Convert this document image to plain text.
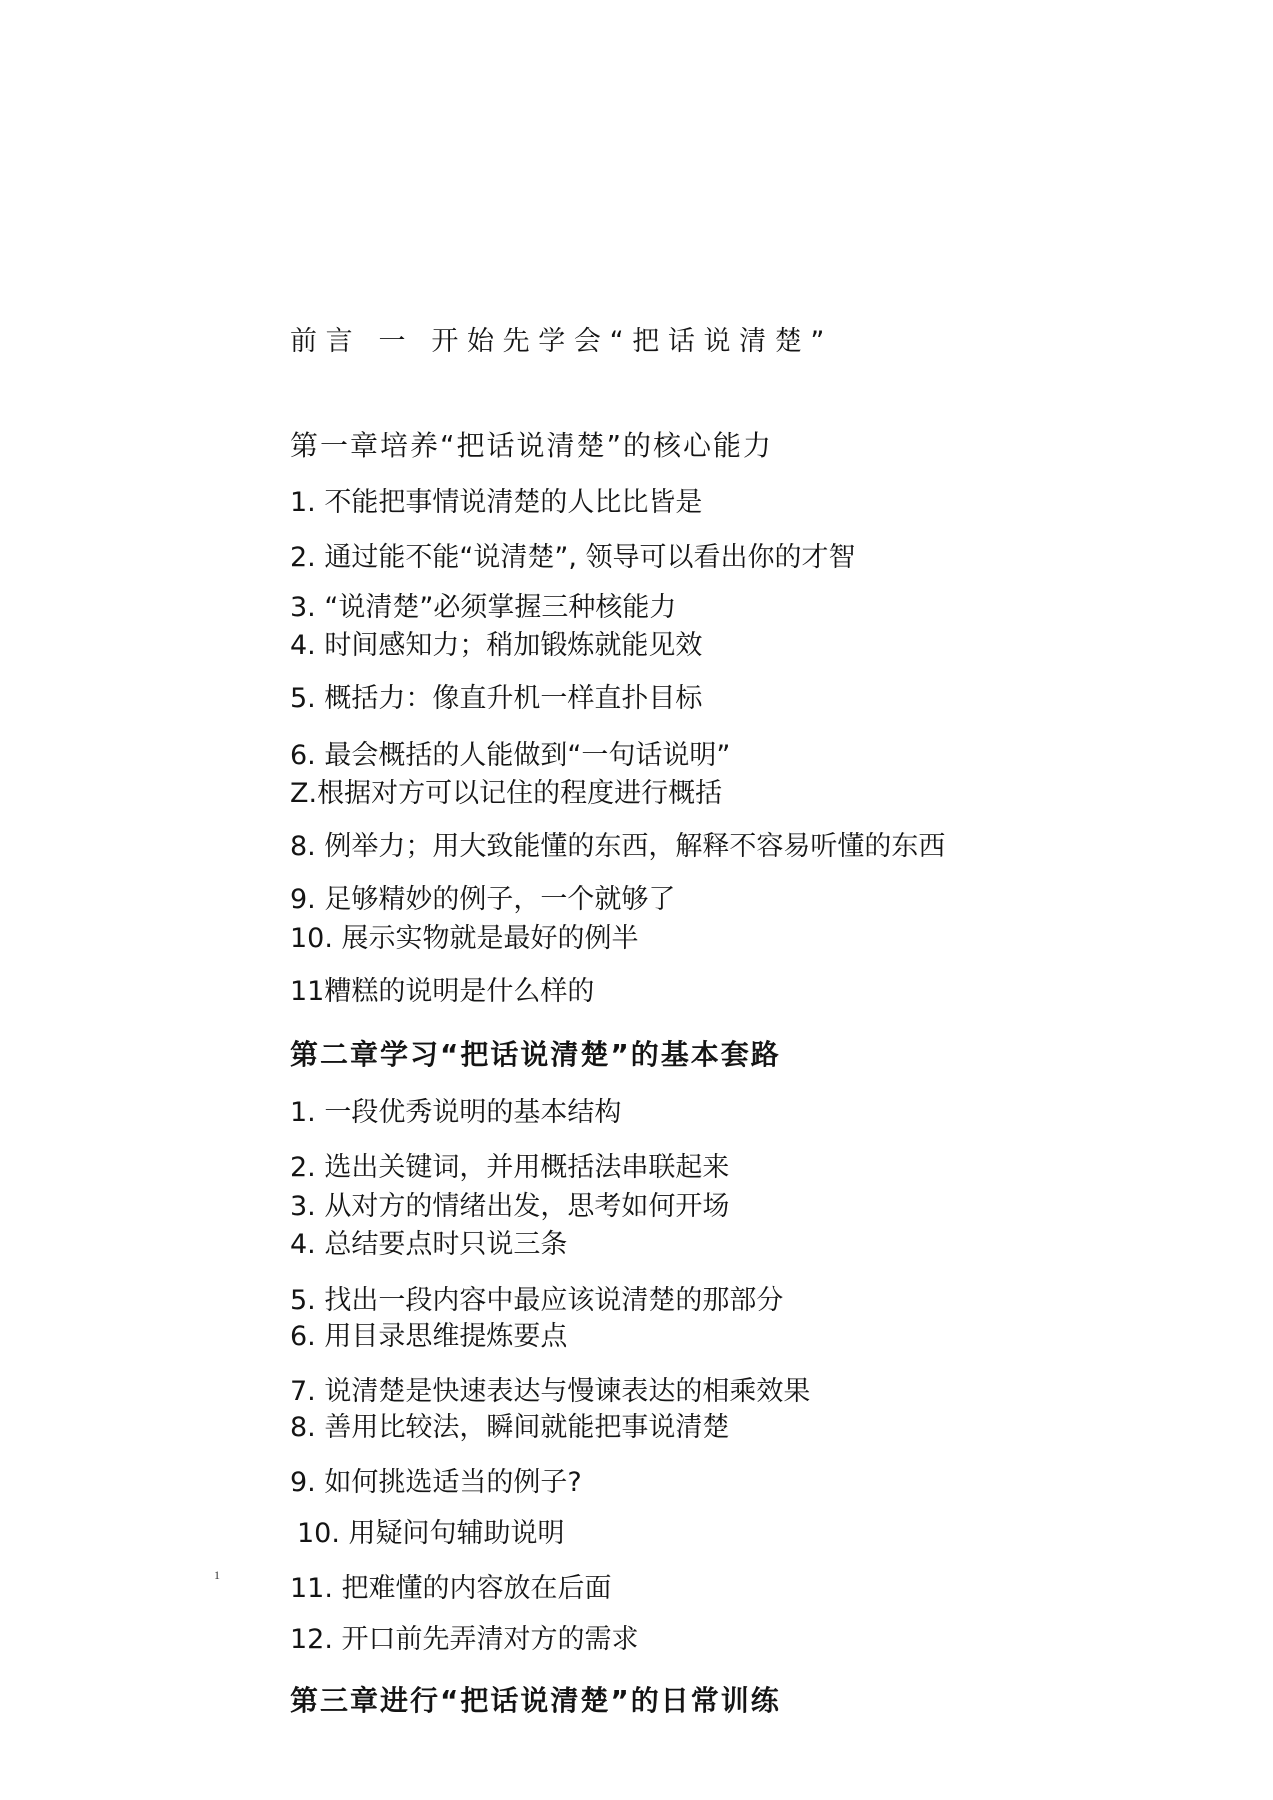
前言 一 开始先学会“把话说清楚”
第一章培养“把话说清楚”的核心能力
1. 不能把事情说清楚的人比比皆是
2. 通过能不能“说清楚”, 领导可以看出你的才智
3. “说清楚”必须掌握三种核能力
4. 时间感知力；稍加锻炼就能见效
5. 概括力：像直升机一样直扑目标
6. 最会概括的人能做到“一句话说明”
Z.根据对方可以记住的程度进行概括
8. 例举力；用大致能懂的东西，解释不容易听懂的东西
9. 足够精妙的例子，一个就够了
10. 展示实物就是最好的例半
11糟糕的说明是什么样的
第二章学习“把话说清楚”的基本套路
1. 一段优秀说明的基本结构
2. 选出关键词，并用概括法串联起来
3. 从对方的情绪出发，思考如何开场
4. 总结要点时只说三条
5. 找出一段内容中最应该说清楚的那部分
6. 用目录思维提炼要点
7. 说清楚是快速表达与慢谏表达的相乘效果
8. 善用比较法，瞬间就能把事说清楚
9. 如何挑选适当的例子?
10. 用疑问句辅助说明
1	11. 把难懂的内容放在后面
12. 开口前先弄清对方的需求
第三章进行“把话说清楚”的日常训练
